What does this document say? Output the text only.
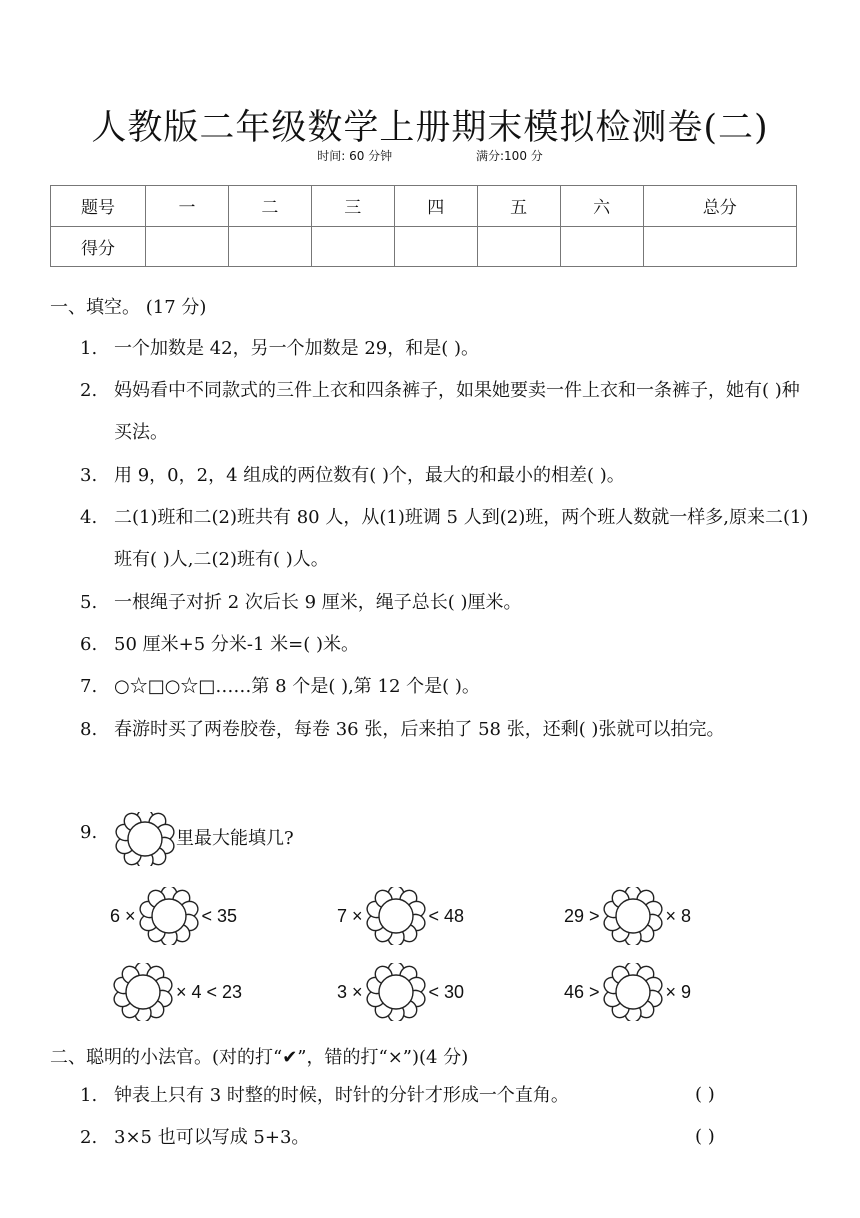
人教版二年级数学上册期末模拟检测卷(二)
时间: 60 分钟	满分:100 分
题号	一	二	三	四	五	六	总分
得分							
一、填空。 (17 分)
1. 一个加数是 42，另一个加数是 29，和是( )。
2. 妈妈看中不同款式的三件上衣和四条裤子，如果她要卖一件上衣和一条裤子，她有( )种买法。
3. 用 9，0，2，4 组成的两位数有( )个，最大的和最小的相差( )。
4. 二(1)班和二(2)班共有 80 人，从(1)班调 5 人到(2)班，两个班人数就一样多,原来二(1)班有( )人,二(2)班有( )人。
5. 一根绳子对折 2 次后长 9 厘米，绳子总长( )厘米。
6. 50 厘米+5 分米-1 米=( )米。
7. ○☆□○☆□……第 8 个是( ),第 12 个是( )。
8. 春游时买了两卷胶卷，每卷 36 张，后来拍了 58 张，还剩( )张就可以拍完。
9.	里最大能填几?
6 ×	< 35	7 ×	< 48	29 >	× 8
× 4 < 23	3 ×	< 30	46 >	× 9
二、聪明的小法官。(对的打“✔”，错的打“×”)(4 分)
1. 钟表上只有 3 时整的时候，时针的分针才形成一个直角。	( )
2. 3×5 也可以写成 5+3。	( )
